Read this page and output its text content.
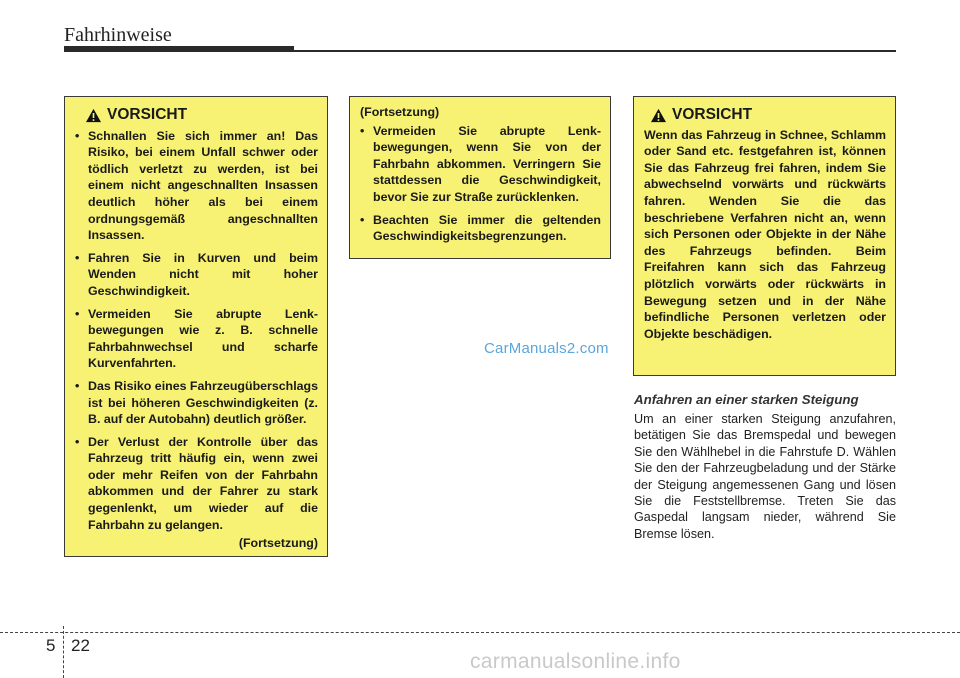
Fahrhinweise
VORSICHT
• Schnallen Sie sich immer an! Das Risiko, bei einem Unfall schwer oder tödlich verletzt zu werden, ist bei einem nicht angeschnallten Insassen deutlich höher als bei einem ordnungsgemäß angeschnallten Insassen.
• Fahren Sie in Kurven und beim Wenden nicht mit hoher Geschwindigkeit.
• Vermeiden Sie abrupte Lenkbewegungen wie z. B. schnelle Fahrbahnwechsel und scharfe Kurvenfahrten.
• Das Risiko eines Fahrzeugüberschlags ist bei höheren Geschwindigkeiten (z. B. auf der Autobahn) deutlich größer.
• Der Verlust der Kontrolle über das Fahrzeug tritt häufig ein, wenn zwei oder mehr Reifen von der Fahrbahn abkommen und der Fahrer zu stark gegenlenkt, um wieder auf die Fahrbahn zu gelangen.
(Fortsetzung)
(Fortsetzung)
• Vermeiden Sie abrupte Lenkbewegungen, wenn Sie von der Fahrbahn abkommen. Verringern Sie stattdessen die Geschwindigkeit, bevor Sie zur Straße zurücklenken.
• Beachten Sie immer die geltenden Geschwindigkeitsbegrenzungen.
VORSICHT
Wenn das Fahrzeug in Schnee, Schlamm oder Sand etc. festgefahren ist, können Sie das Fahrzeug frei fahren, indem Sie abwechselnd vorwärts und rückwärts fahren. Wenden Sie die das beschriebene Verfahren nicht an, wenn sich Personen oder Objekte in der Nähe des Fahrzeugs befinden. Beim Freifahren kann sich das Fahrzeug plötzlich vorwärts oder rückwärts in Bewegung setzen und in der Nähe befindliche Personen verletzen oder Objekte beschädigen.
CarManuals2.com
Anfahren an einer starken Steigung
Um an einer starken Steigung anzufahren, betätigen Sie das Bremspedal und bewegen Sie den Wählhebel in die Fahrstufe D. Wählen Sie den der Fahrzeugbeladung und der Stärke der Steigung angemessenen Gang und lösen Sie die Feststellbremse. Treten Sie das Gaspedal langsam nieder, während Sie Bremse lösen.
5 22
carmanualsonline.info
